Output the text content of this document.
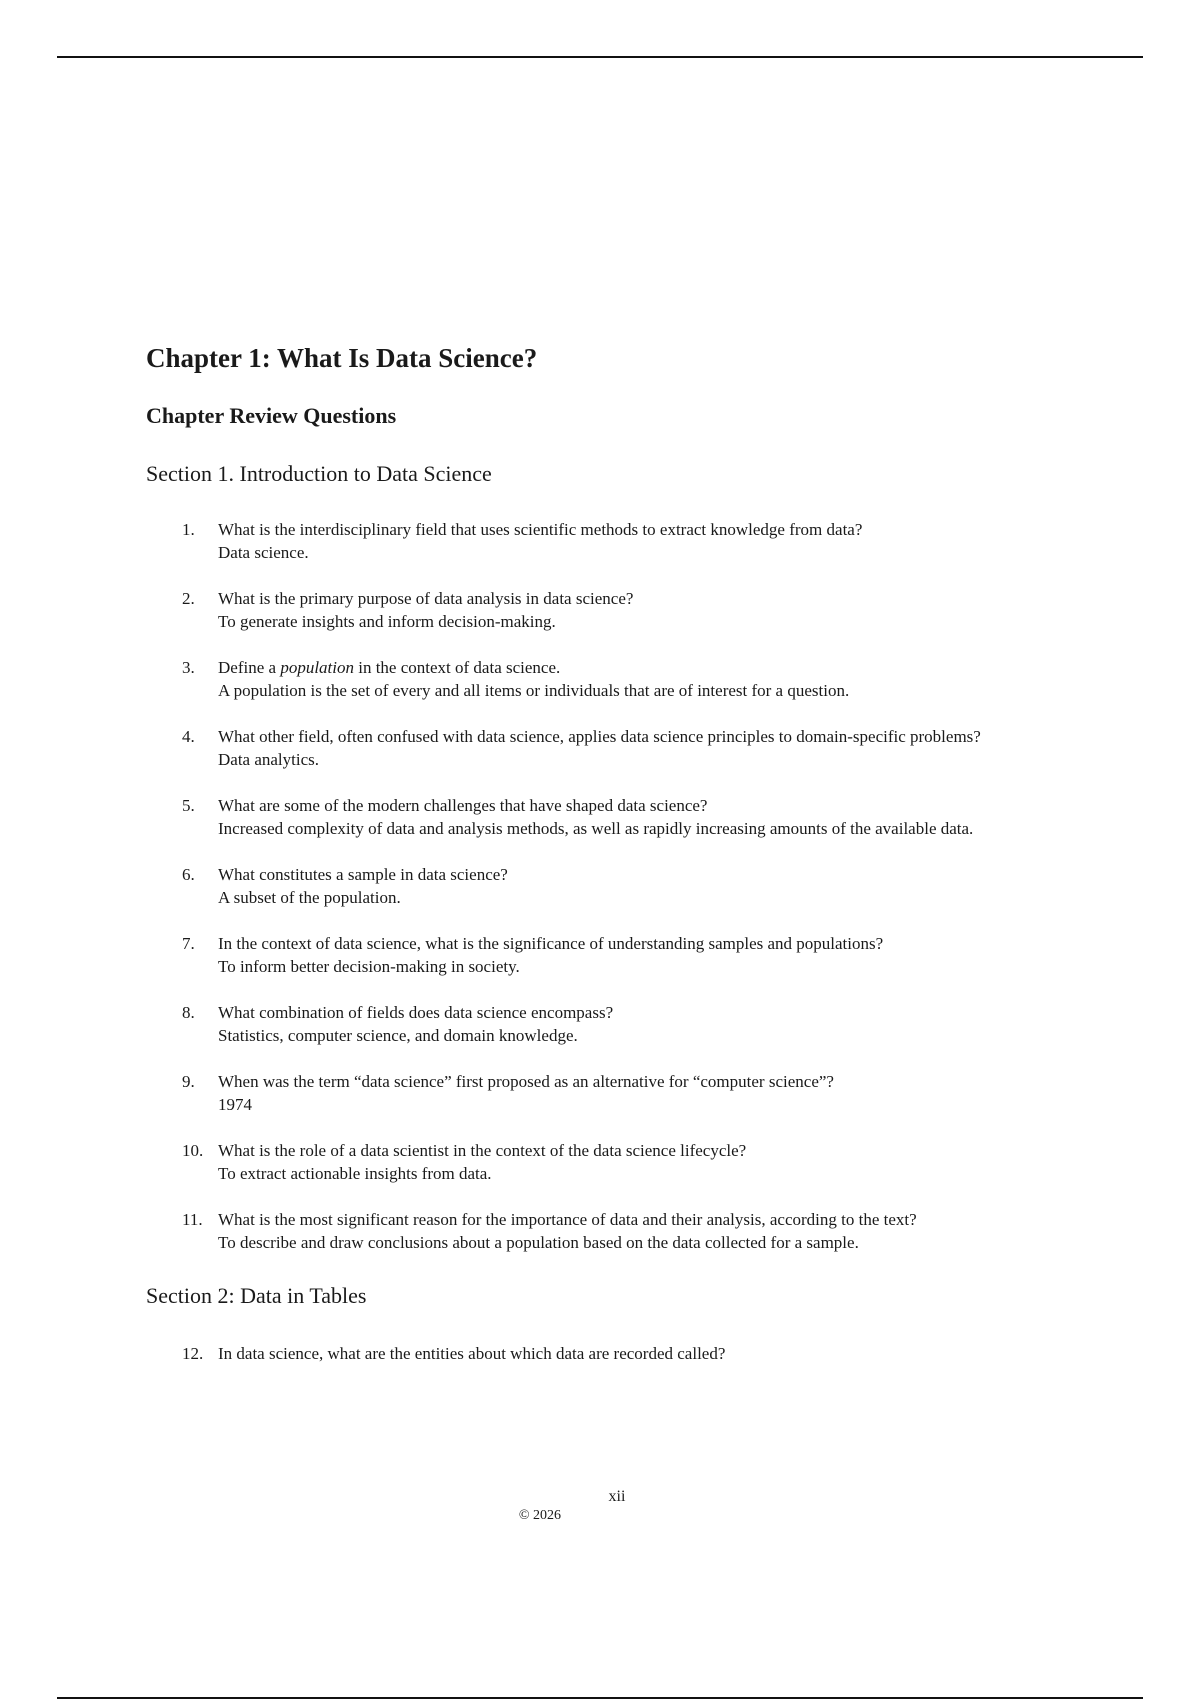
Chapter 1: What Is Data Science?
Chapter Review Questions
Section 1. Introduction to Data Science
1.	What is the interdisciplinary field that uses scientific methods to extract knowledge from data?
Data science.
2.	What is the primary purpose of data analysis in data science?
To generate insights and inform decision-making.
3.	Define a population in the context of data science.
A population is the set of every and all items or individuals that are of interest for a question.
4.	What other field, often confused with data science, applies data science principles to domain-specific problems?
Data analytics.
5.	What are some of the modern challenges that have shaped data science?
Increased complexity of data and analysis methods, as well as rapidly increasing amounts of the available data.
6.	What constitutes a sample in data science?
A subset of the population.
7.	In the context of data science, what is the significance of understanding samples and populations?
To inform better decision-making in society.
8.	What combination of fields does data science encompass?
Statistics, computer science, and domain knowledge.
9.	When was the term “data science” first proposed as an alternative for “computer science”?
1974
10. What is the role of a data scientist in the context of the data science lifecycle?
To extract actionable insights from data.
11. What is the most significant reason for the importance of data and their analysis, according to the text?
To describe and draw conclusions about a population based on the data collected for a sample.
Section 2: Data in Tables
12. In data science, what are the entities about which data are recorded called?
xii
© 2026
